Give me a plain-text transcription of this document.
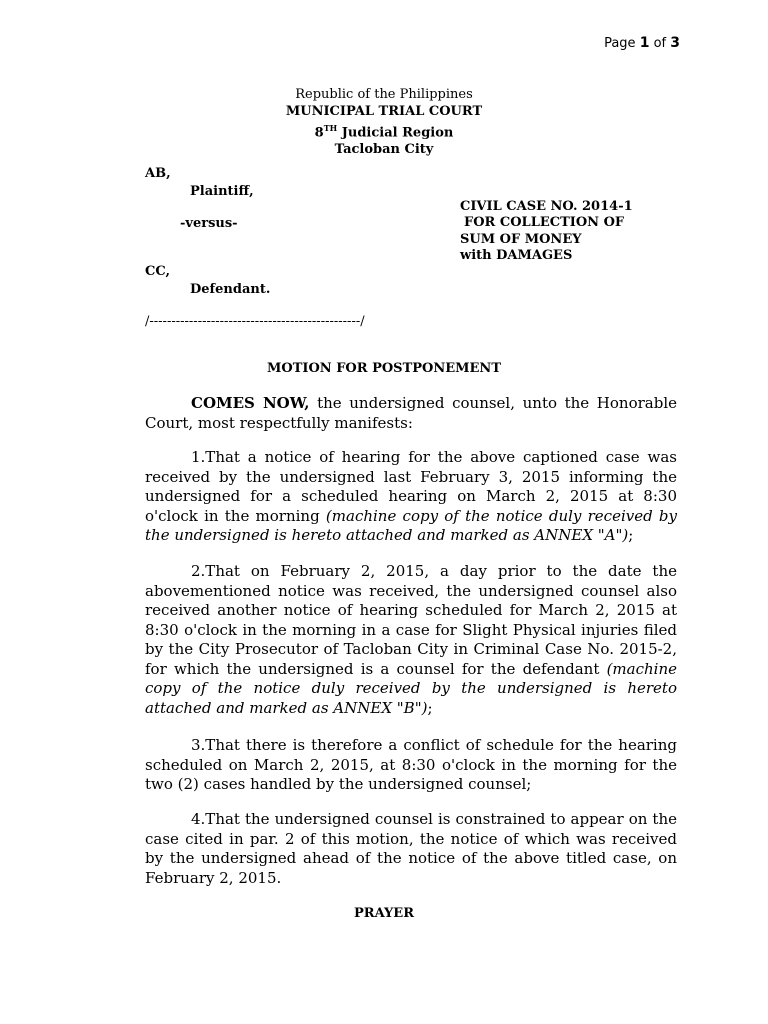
Page 1 of 3
Republic of the Philippines
MUNICIPAL TRIAL COURT
8TH Judicial Region
Tacloban City
AB,
Plaintiff,
-versus-
CC,
Defendant.
/------------------------------------------------/
CIVIL CASE NO. 2014-1
FOR COLLECTION OF
SUM OF MONEY
with DAMAGES
MOTION FOR POSTPONEMENT
COMES NOW, the undersigned counsel, unto the Honorable Court, most respectfully manifests:
1.That a notice of hearing for the above captioned case was received by the undersigned last February 3, 2015 informing the undersigned for a scheduled hearing on March 2, 2015 at 8:30 o'clock in the morning (machine copy of the notice duly received by the undersigned is hereto attached and marked as ANNEX "A");
2.That on February 2, 2015, a day prior to the date the abovementioned notice was received, the undersigned counsel also received another notice of hearing scheduled for March 2, 2015 at 8:30 o'clock in the morning in a case for Slight Physical injuries filed by the City Prosecutor of Tacloban City in Criminal Case No. 2015-2, for which the undersigned is a counsel for the defendant (machine copy of the notice duly received by the undersigned is hereto attached and marked as ANNEX "B");
3.That there is therefore a conflict of schedule for the hearing scheduled on March 2, 2015, at 8:30 o'clock in the morning for the two (2) cases handled by the undersigned counsel;
4.That the undersigned counsel is constrained to appear on the case cited in par. 2 of this motion, the notice of which was received by the undersigned ahead of the notice of the above titled case, on February 2, 2015.
PRAYER
